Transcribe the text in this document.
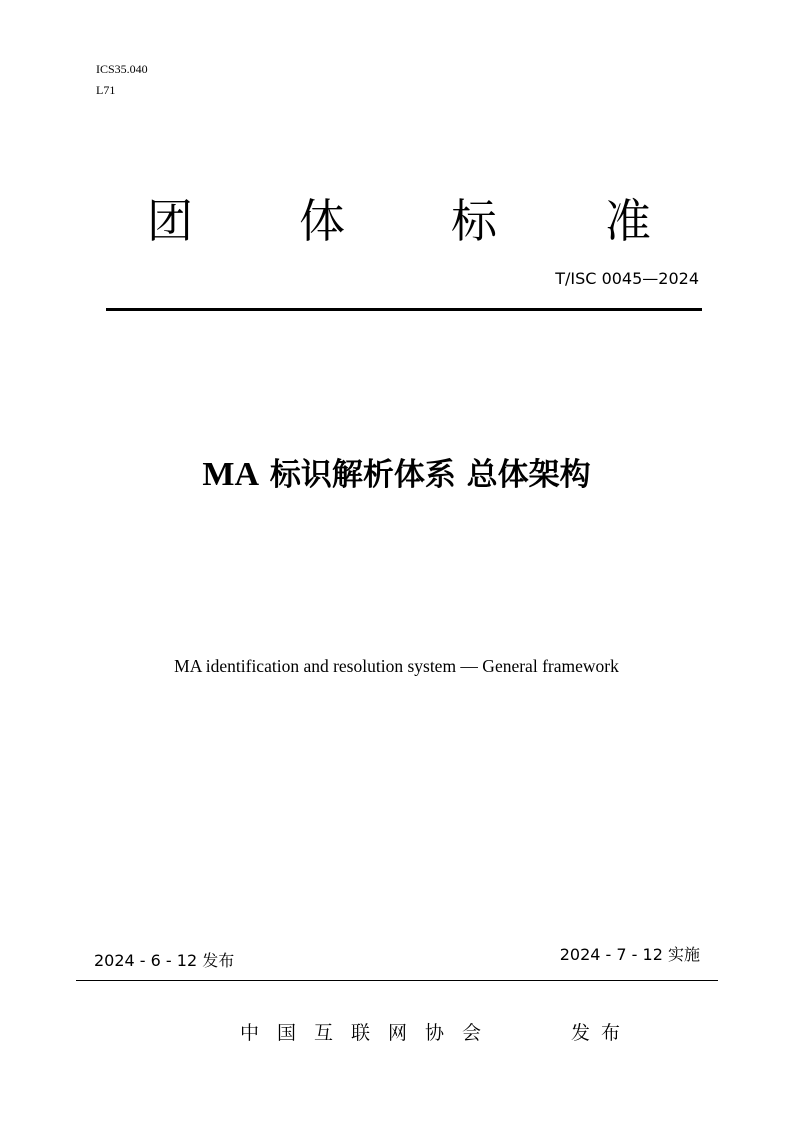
ICS35.040

L71

团 体 标 准

T/ISC 0045—2024

MA 标识解析体系 总体架构

MA identification and resolution system — General framework

2024 - 6 - 12 发布	2024 - 7 - 12 实施

中国互联网协会	发布
